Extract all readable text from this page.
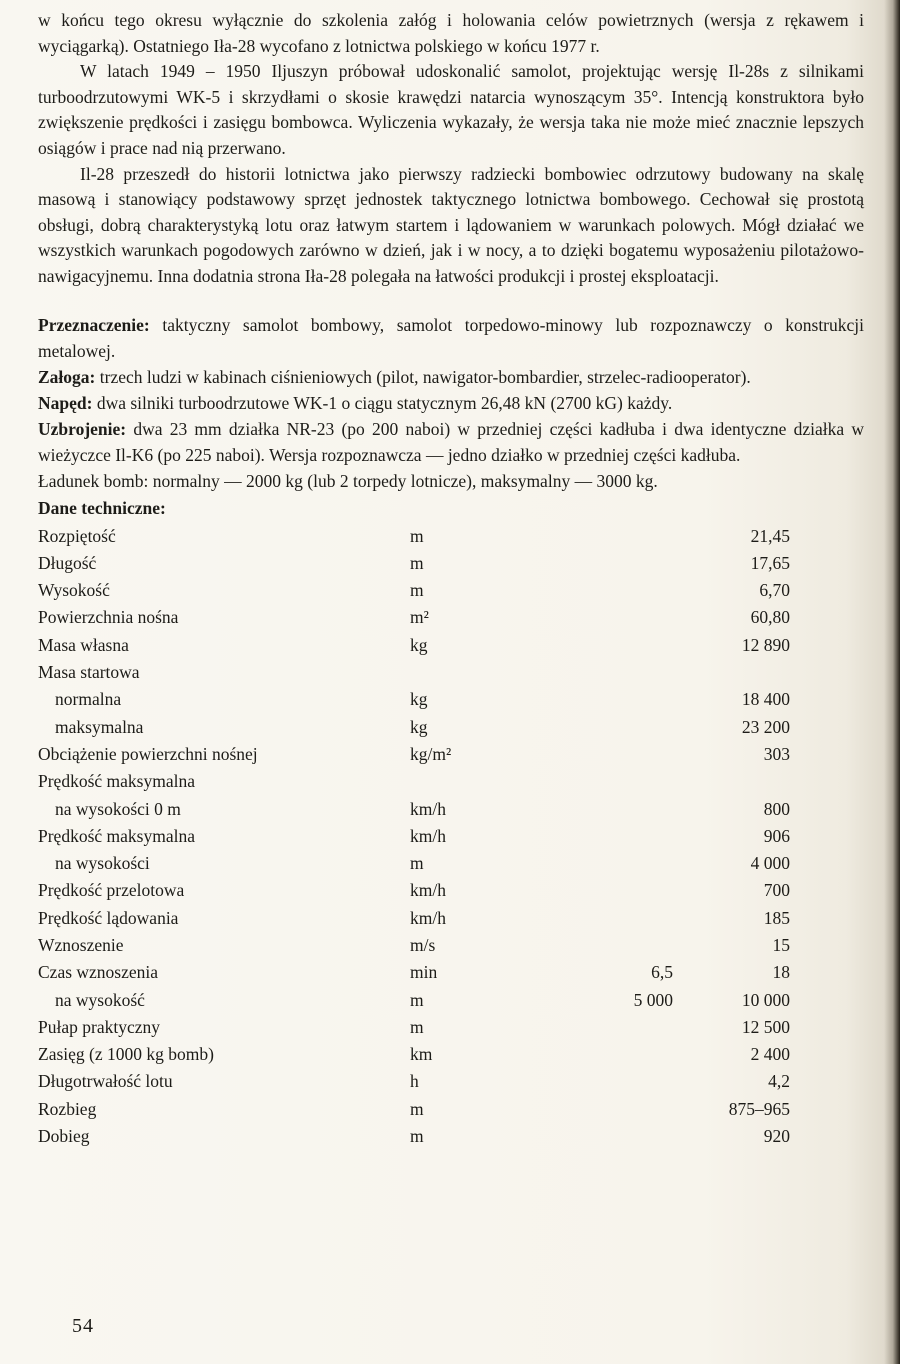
w końcu tego okresu wyłącznie do szkolenia załóg i holowania celów powietrznych (wersja z rękawem i wyciągarką). Ostatniego Iła-28 wycofano z lotnictwa polskiego w końcu 1977 r.

W latach 1949 – 1950 Iljuszyn próbował udoskonalić samolot, projektując wersję Il-28s z silnikami turboodrzutowymi WK-5 i skrzydłami o skosie krawędzi natarcia wynoszącym 35°. Intencją konstruktora było zwiększenie prędkości i zasięgu bombowca. Wyliczenia wykazały, że wersja taka nie może mieć znacznie lepszych osiągów i prace nad nią przerwano.

Il-28 przeszedł do historii lotnictwa jako pierwszy radziecki bombowiec odrzutowy budowany na skalę masową i stanowiący podstawowy sprzęt jednostek taktycznego lotnictwa bombowego. Cechował się prostotą obsługi, dobrą charakterystyką lotu oraz łatwym startem i lądowaniem w warunkach polowych. Mógł działać we wszystkich warunkach pogodowych zarówno w dzień, jak i w nocy, a to dzięki bogatemu wyposażeniu pilotażowo-nawigacyjnemu. Inna dodatnia strona Iła-28 polegała na łatwości produkcji i prostej eksploatacji.

Przeznaczenie: taktyczny samolot bombowy, samolot torpedowo-minowy lub rozpoznawczy o konstrukcji metalowej.

Załoga: trzech ludzi w kabinach ciśnieniowych (pilot, nawigator-bombardier, strzelec-radiooperator).

Napęd: dwa silniki turboodrzutowe WK-1 o ciągu statycznym 26,48 kN (2700 kG) każdy.

Uzbrojenie: dwa 23 mm działka NR-23 (po 200 naboi) w przedniej części kadłuba i dwa identyczne działka w wieżyczce Il-K6 (po 225 naboi). Wersja rozpoznawcza — jedno działko w przedniej części kadłuba.

Ładunek bomb: normalny — 2000 kg (lub 2 torpedy lotnicze), maksymalny — 3000 kg.

Dane techniczne:
Rozpiętość	m	21,45
Długość	m	17,65
Wysokość	m	6,70
Powierzchnia nośna	m²	60,80
Masa własna	kg	12 890
Masa startowa
normalna	kg	18 400
maksymalna	kg	23 200
Obciążenie powierzchni nośnej	kg/m²	303
Prędkość maksymalna
na wysokości 0 m	km/h	800
Prędkość maksymalna	km/h	906
na wysokości	m	4 000
Prędkość przelotowa	km/h	700
Prędkość lądowania	km/h	185
Wznoszenie	m/s	15
Czas wznoszenia	min	6,5	18
na wysokość	m	5 000	10 000
Pułap praktyczny	m	12 500
Zasięg (z 1000 kg bomb)	km	2 400
Długotrwałość lotu	h	4,2
Rozbieg	m	875–965
Dobieg	m	920
54
